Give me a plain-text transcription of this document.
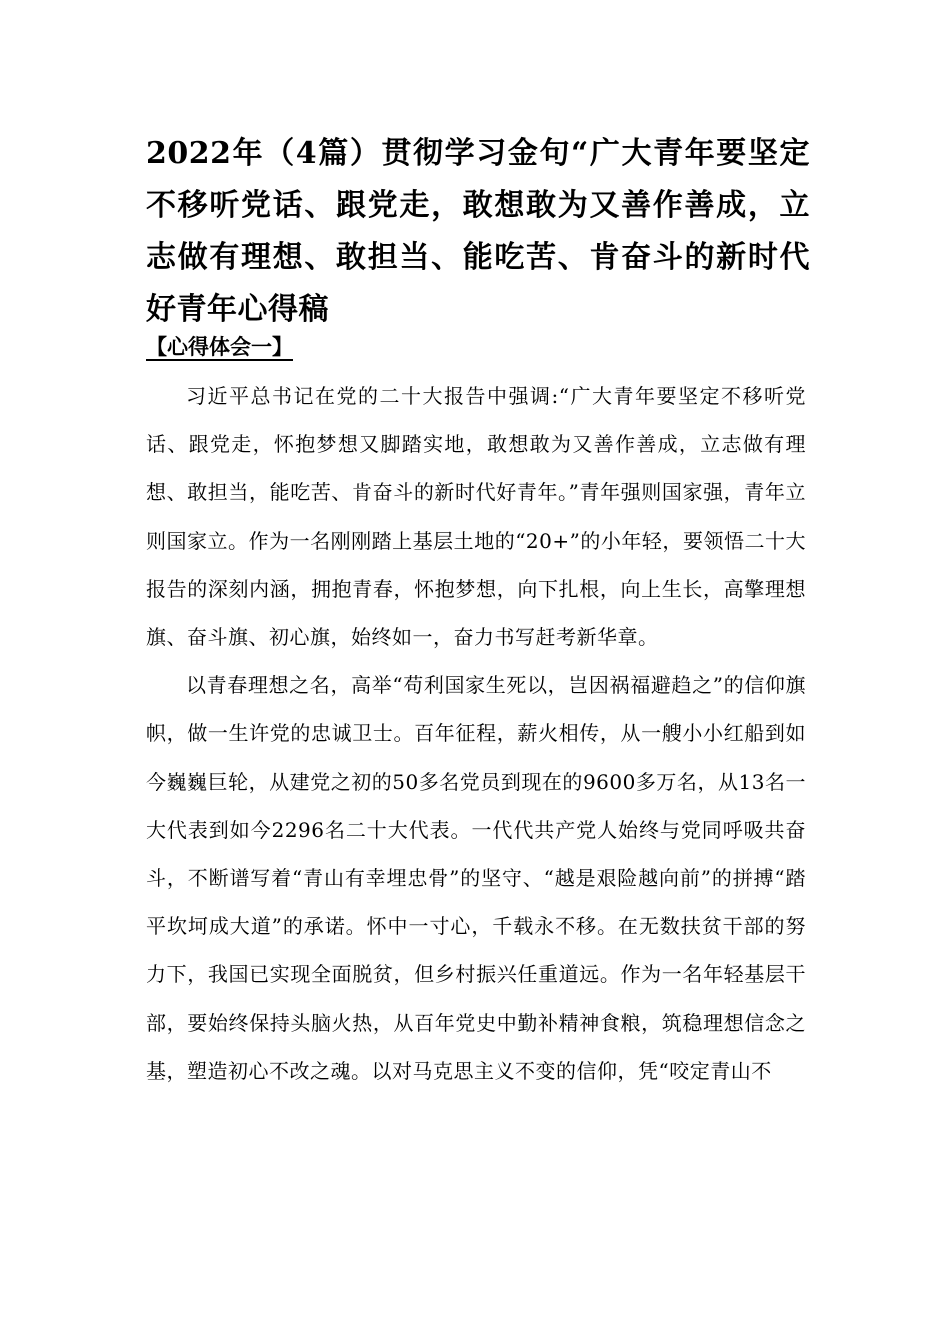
2022年（4篇）贯彻学习金句“广大青年要坚定不移听党话、跟党走，敢想敢为又善作善成，立志做有理想、敢担当、能吃苦、肯奋斗的新时代好青年心得稿
【心得体会一】

习近平总书记在党的二十大报告中强调:“广大青年要坚定不移听党话、跟党走，怀抱梦想又脚踏实地，敢想敢为又善作善成，立志做有理想、敢担当，能吃苦、肯奋斗的新时代好青年。”青年强则国家强，青年立则国家立。作为一名刚刚踏上基层土地的“20+”的小年轻，要领悟二十大报告的深刻内涵，拥抱青春，怀抱梦想，向下扎根，向上生长，高擎理想旗、奋斗旗、初心旗，始终如一，奋力书写赶考新华章。

以青春理想之名，高举“苟利国家生死以，岂因祸福避趋之”的信仰旗帜，做一生许党的忠诚卫士。百年征程，薪火相传，从一艘小小红船到如今巍巍巨轮，从建党之初的50多名党员到现在的9600多万名，从13名一大代表到如今2296名二十大代表。一代代共产党人始终与党同呼吸共奋斗，不断谱写着“青山有幸埋忠骨”的坚守、“越是艰险越向前”的拼搏“踏平坎坷成大道”的承诺。怀中一寸心，千载永不移。在无数扶贫干部的努力下，我国已实现全面脱贫，但乡村振兴任重道远。作为一名年轻基层干部，要始终保持头脑火热，从百年党史中勤补精神食粮，筑稳理想信念之基，塑造初心不改之魂。以对马克思主义不变的信仰，凭“咬定青山不
